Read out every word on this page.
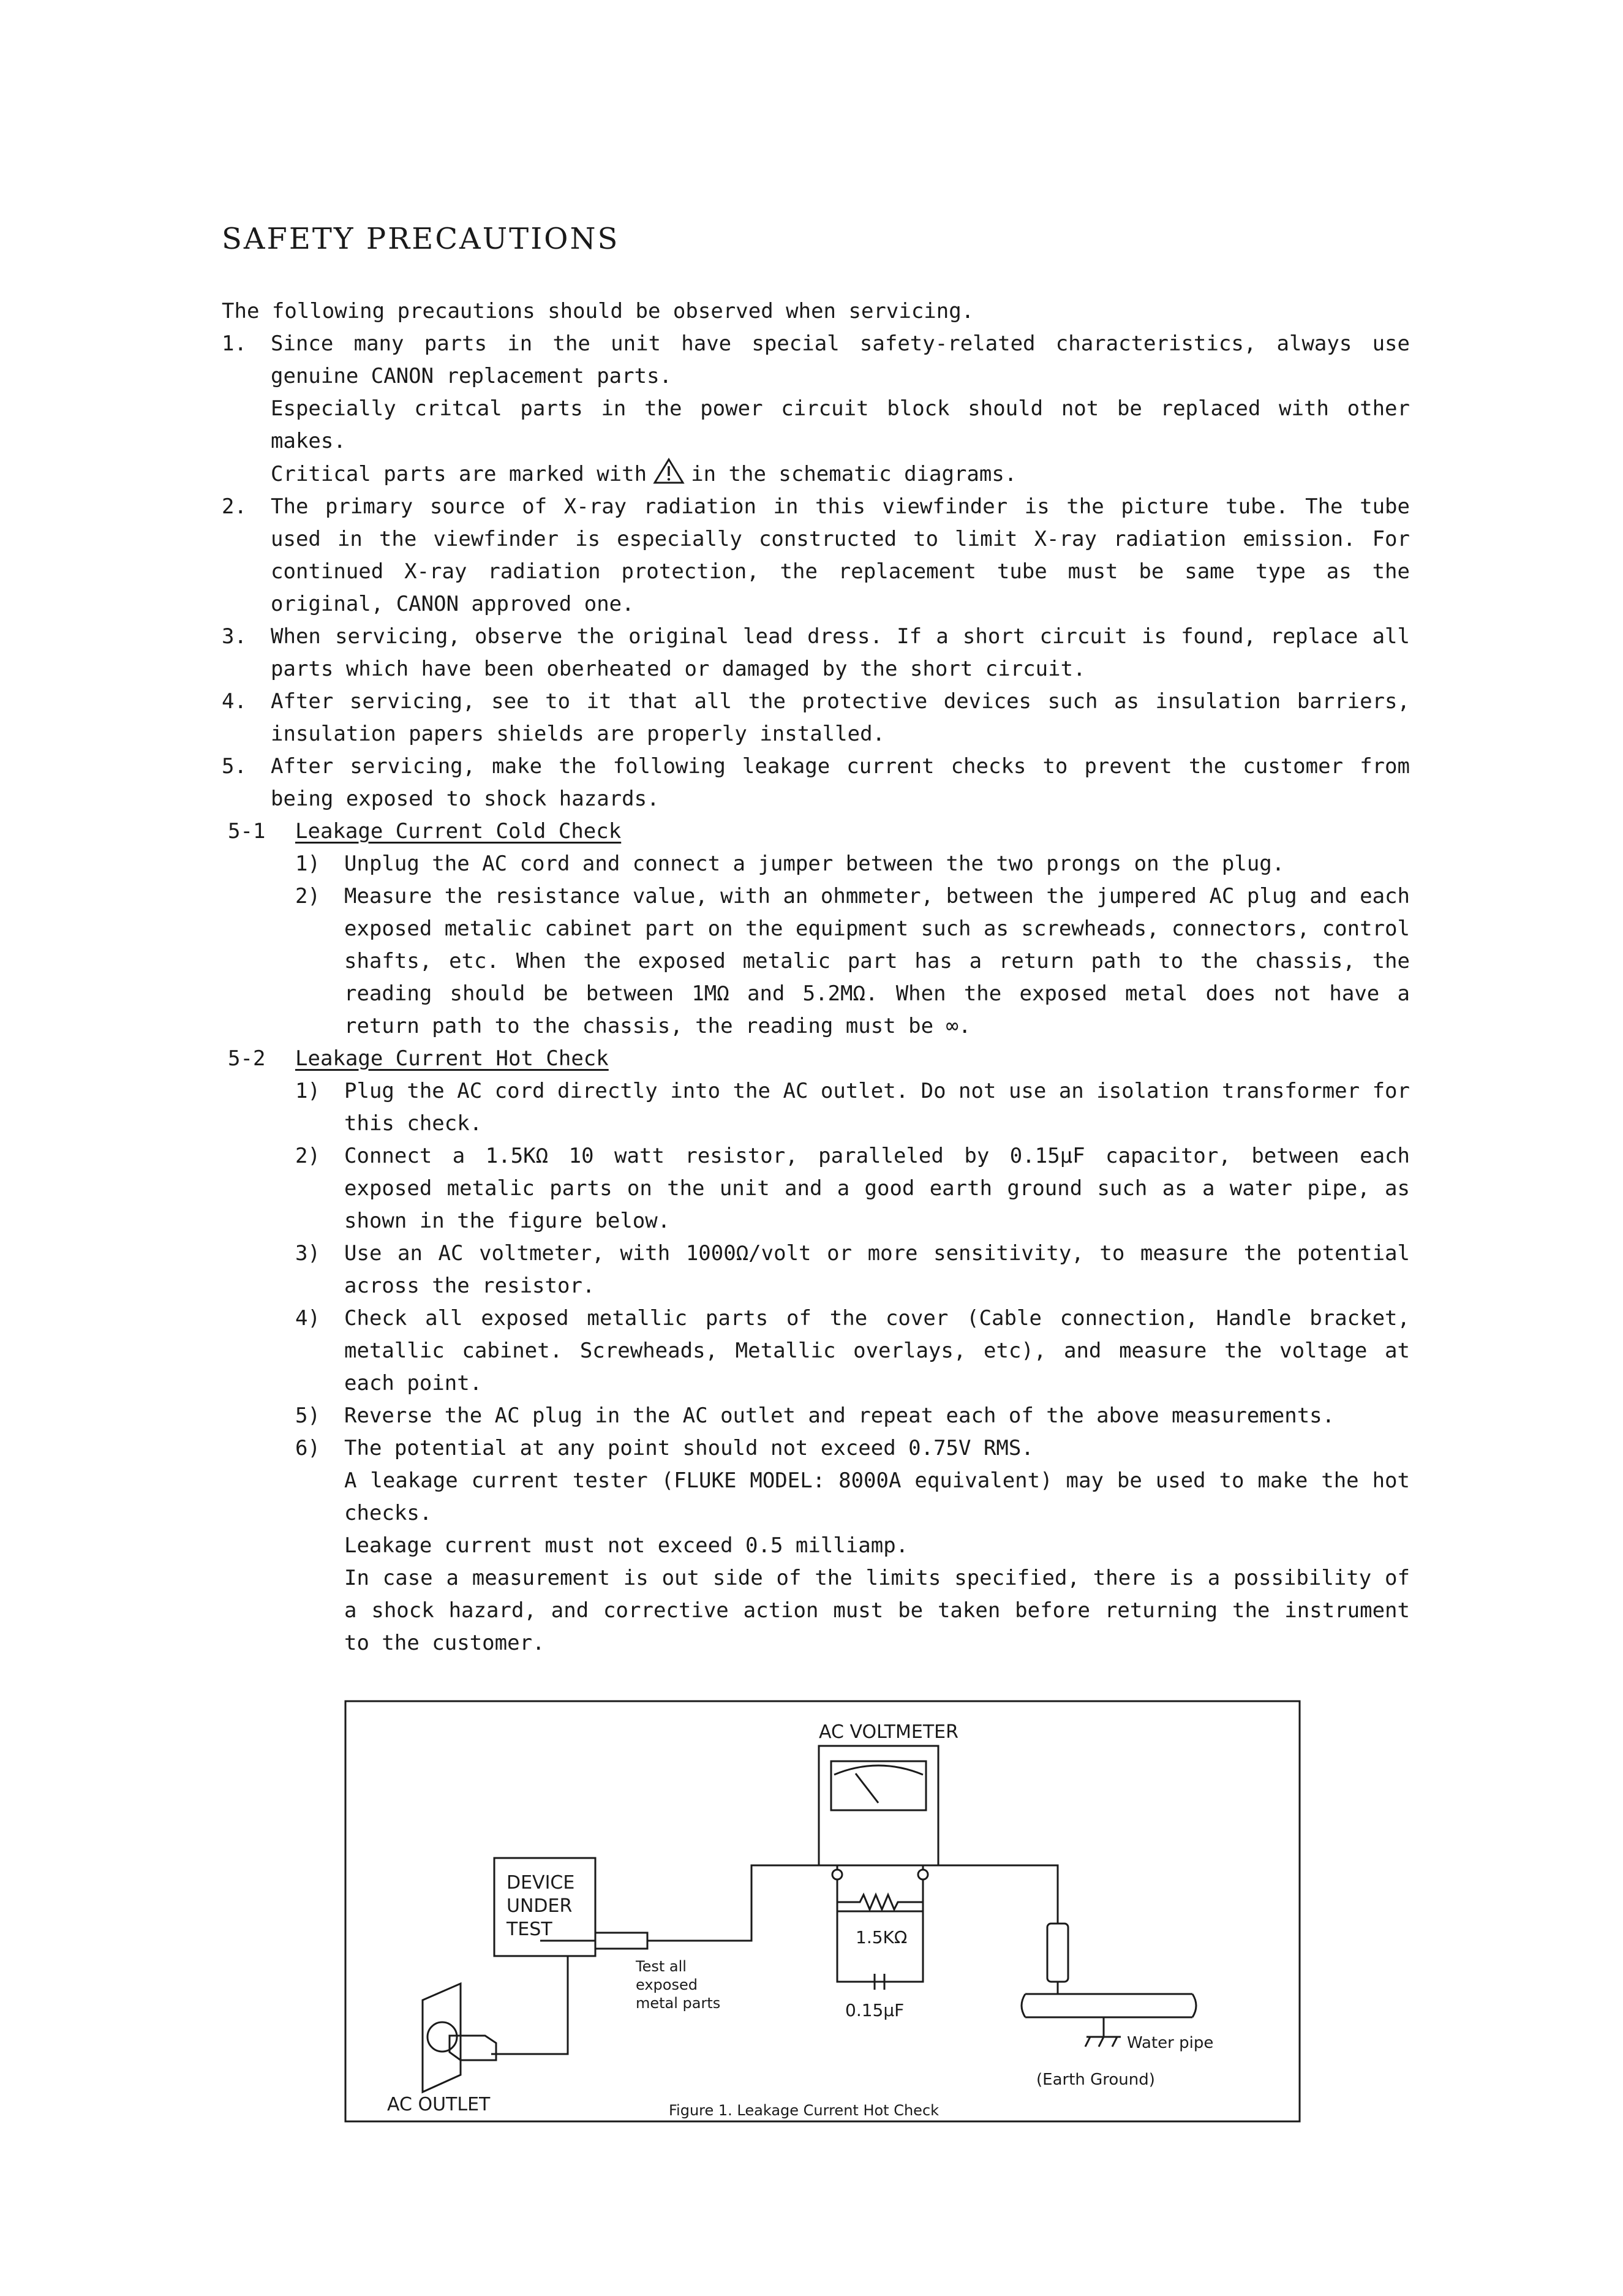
SAFETY PRECAUTIONS

The following precautions should be observed when servicing.

1. Since many parts in the unit have special safety-related characteristics, always use genuine CANON replacement parts.

Especially critcal parts in the power circuit block should not be replaced with other makes.

Critical parts are marked with in the schematic diagrams.

2. The primary source of X-ray radiation in this viewfinder is the picture tube. The tube used in the viewfinder is especially constructed to limit X-ray radiation emission. For continued X-ray radiation protection, the replacement tube must be same type as the original, CANON approved one.

3. When servicing, observe the original lead dress. If a short circuit is found, replace all parts which have been oberheated or damaged by the short circuit.

4. After servicing, see to it that all the protective devices such as insulation barriers, insulation papers shields are properly installed.

5. After servicing, make the following leakage current checks to prevent the customer from being exposed to shock hazards.

5-1 Leakage Current Cold Check
1) Unplug the AC cord and connect a jumper between the two prongs on the plug.

2) Measure the resistance value, with an ohmmeter, between the jumpered AC plug and each exposed metalic cabinet part on the equipment such as screwheads, connectors, control shafts, etc. When the exposed metalic part has a return path to the chassis, the reading should be between 1MΩ and 5.2MΩ. When the exposed metal does not have a return path to the chassis, the reading must be ∞.

5-2 Leakage Current Hot Check
1) Plug the AC cord directly into the AC outlet. Do not use an isolation transformer for this check.

2) Connect a 1.5KΩ 10 watt resistor, paralleled by 0.15μF capacitor, between each exposed metalic parts on the unit and a good earth ground such as a water pipe, as shown in the figure below.

3) Use an AC voltmeter, with 1000Ω/volt or more sensitivity, to measure the potential across the resistor.

4) Check all exposed metallic parts of the cover (Cable connection, Handle bracket, metallic cabinet. Screwheads, Metallic overlays, etc), and measure the voltage at each point.

5) Reverse the AC plug in the AC outlet and repeat each of the above measurements.

6) The potential at any point should not exceed 0.75V RMS.

A leakage current tester (FLUKE MODEL: 8000A equivalent) may be used to make the hot checks.

Leakage current must not exceed 0.5 milliamp.

In case a measurement is out side of the limits specified, there is a possibility of a shock hazard, and corrective action must be taken before returning the instrument to the customer.

AC VOLTMETER
DEVICE
UNDER
TEST
Test all
exposed
metal parts
1.5KΩ
0.15μF
Water pipe
(Earth Ground)
AC OUTLET	Figure 1. Leakage Current Hot Check
